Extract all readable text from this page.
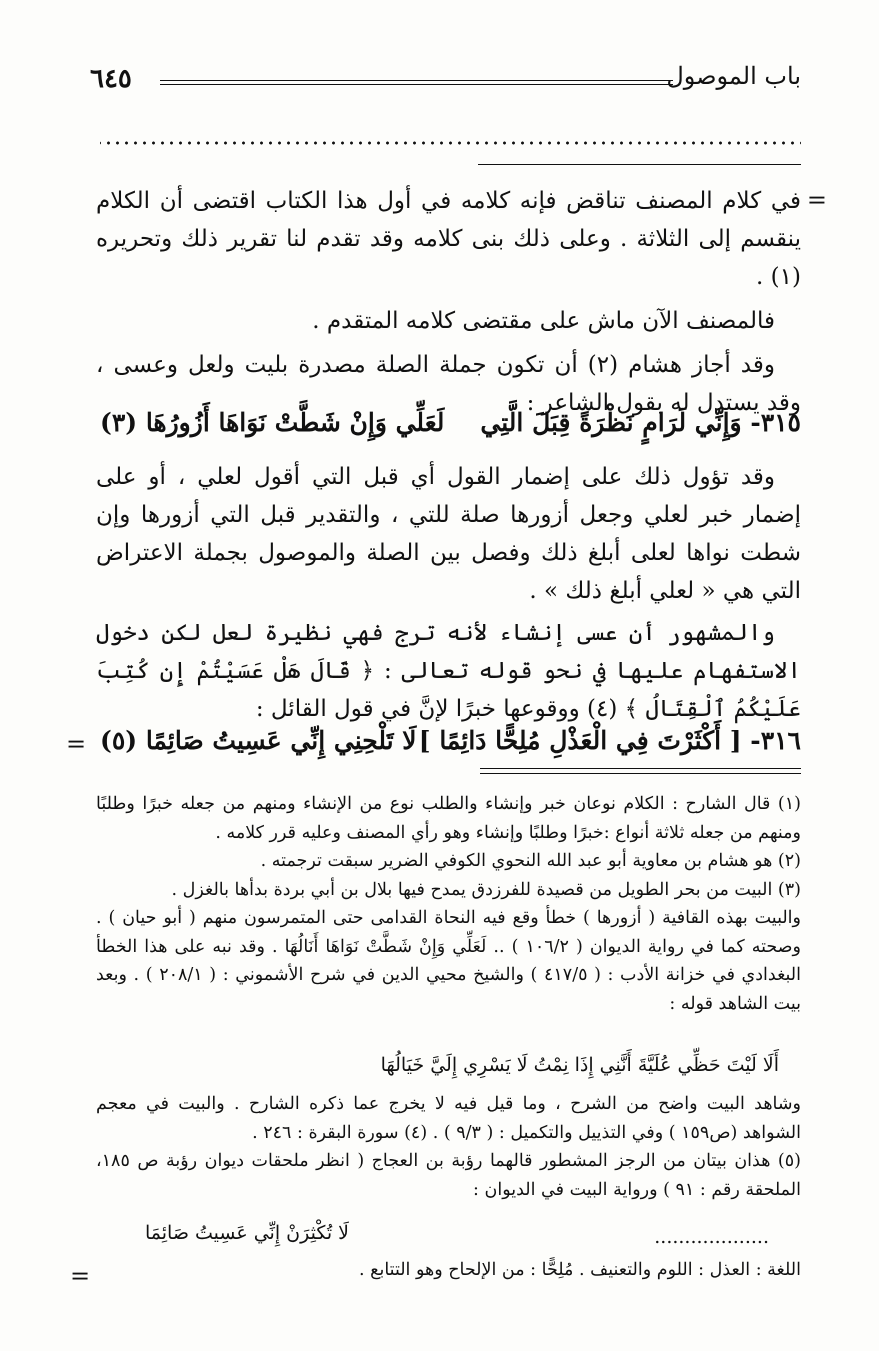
٦٤٥	باب الموصول
=

في كلام المصنف تناقض فإنه كلامه في أول هذا الكتاب اقتضى أن الكلام ينقسم إلى الثلاثة . وعلى ذلك بنى كلامه وقد تقدم لنا تقرير ذلك وتحريره (١) .

فالمصنف الآن ماش على مقتضى كلامه المتقدم .

وقد أجاز هشام (٢) أن تكون جملة الصلة مصدرة بليت ولعل وعسى ، وقد يستدل له بقول الشاعر :

٣١٥- وَإِنِّي لَرَامٍ نَظْرَةً قِبَلَ الَّتِي
لَعَلِّي وَإِنْ شَطَّتْ نَوَاهَا أَزُورُهَا (٣)

وقد تؤول ذلك على إضمار القول أي قبل التي أقول لعلي ، أو على إضمار خبر لعلي وجعل أزورها صلة للتي ، والتقدير قبل التي أزورها وإن شطت نواها لعلى أبلغ ذلك وفصل بين الصلة والموصول بجملة الاعتراض التي هي « لعلي أبلغ ذلك » .

والمشهور أن عسى إنشاء لأنه ترج فهي نظيرة لعل لكن دخول الاستفهام عليها في نحو قوله تعالى : ﴿ قَالَ هَلْ عَسَيْتُمْ إِن كُتِبَ عَلَيْكُمُ ٱلْقِتَالُ ﴾ (٤) ووقوعها خبرًا لإنَّ في قول القائل :

٣١٦- [ أَكْثَرْتَ فِي الْعَذْلِ مُلِحًّا دَائِمًا ]
لَا تَلْحِنِي إِنِّي عَسِيتُ صَائِمًا (٥)
=

(١) قال الشارح : الكلام نوعان خبر وإنشاء والطلب نوع من الإنشاء ومنهم من جعله خبرًا وطلبًا ومنهم من جعله ثلاثة أنواع :خبرًا وطلبًا وإنشاء وهو رأي المصنف وعليه قرر كلامه .

(٢) هو هشام بن معاوية أبو عبد الله النحوي الكوفي الضرير سبقت ترجمته .

(٣) البيت من بحر الطويل من قصيدة للفرزدق يمدح فيها بلال بن أبي بردة بدأها بالغزل .

والبيت بهذه القافية ( أزورها ) خطأ وقع فيه النحاة القدامى حتى المتمرسون منهم ( أبو حيان ) . وصحته كما في رواية الديوان ( ١٠٦/٢ ) .. لَعَلِّي وَإِنْ شَطَّتْ نَوَاهَا أَنَالُهَا . وقد نبه على هذا الخطأ البغدادي في خزانة الأدب : ( ٤١٧/٥ ) والشيخ محيي الدين في شرح الأشموني : ( ٢٠٨/١ ) . وبعد بيت الشاهد قوله :

أَلَا لَيْتَ حَظِّي عُلَيَّةَ أَنَّنِي إِذَا نِمْتُ لَا يَسْرِي إِلَيَّ خَيَالُهَا

وشاهد البيت واضح من الشرح ، وما قيل فيه لا يخرج عما ذكره الشارح . والبيت في معجم الشواهد (ص١٥٩ ) وفي التذييل والتكميل : ( ٩/٣ ) . (٤) سورة البقرة : ٢٤٦ .

(٥) هذان بيتان من الرجز المشطور قالهما رؤبة بن العجاج ( انظر ملحقات ديوان رؤبة ص ١٨٥، الملحقة رقم : ٩١ ) ورواية البيت في الديوان :

...................
لَا تُكْثِرَنْ إِنِّي عَسِيتُ صَائِمَا

اللغة : العذل : اللوم والتعنيف . مُلِحًّا : من الإلحاح وهو التتابع .

=
